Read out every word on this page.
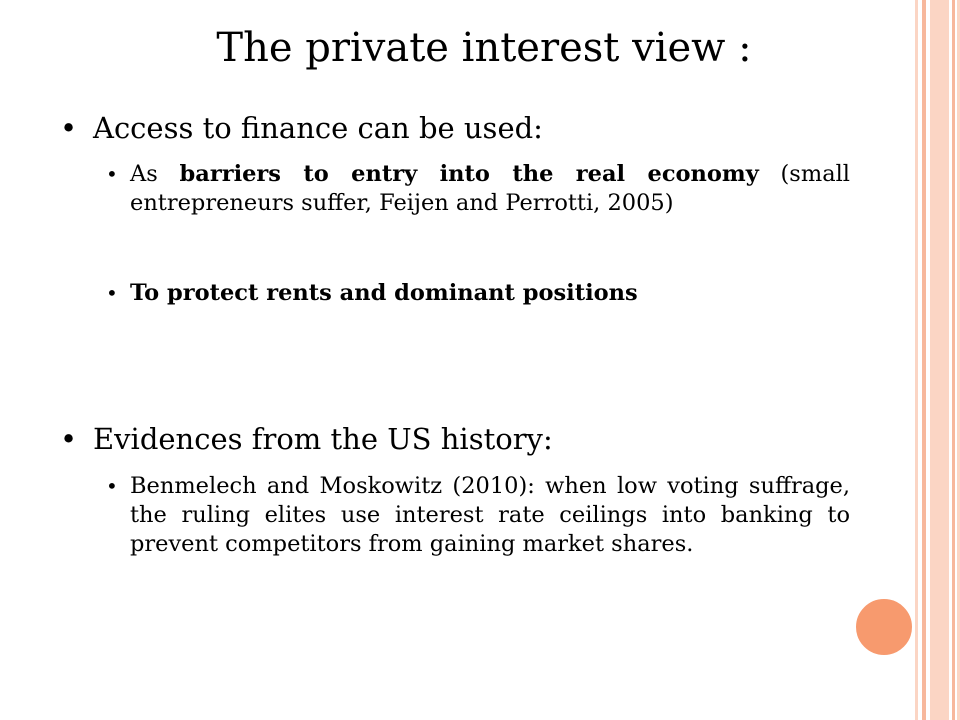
The private interest view :
• Access to finance can be used:
• As barriers to entry into the real economy (small entrepreneurs suffer, Feijen and Perrotti, 2005)
• To protect rents and dominant positions
• Evidences from the US history:
• Benmelech and Moskowitz (2010): when low voting suffrage, the ruling elites use interest rate ceilings into banking to prevent competitors from gaining market shares.
